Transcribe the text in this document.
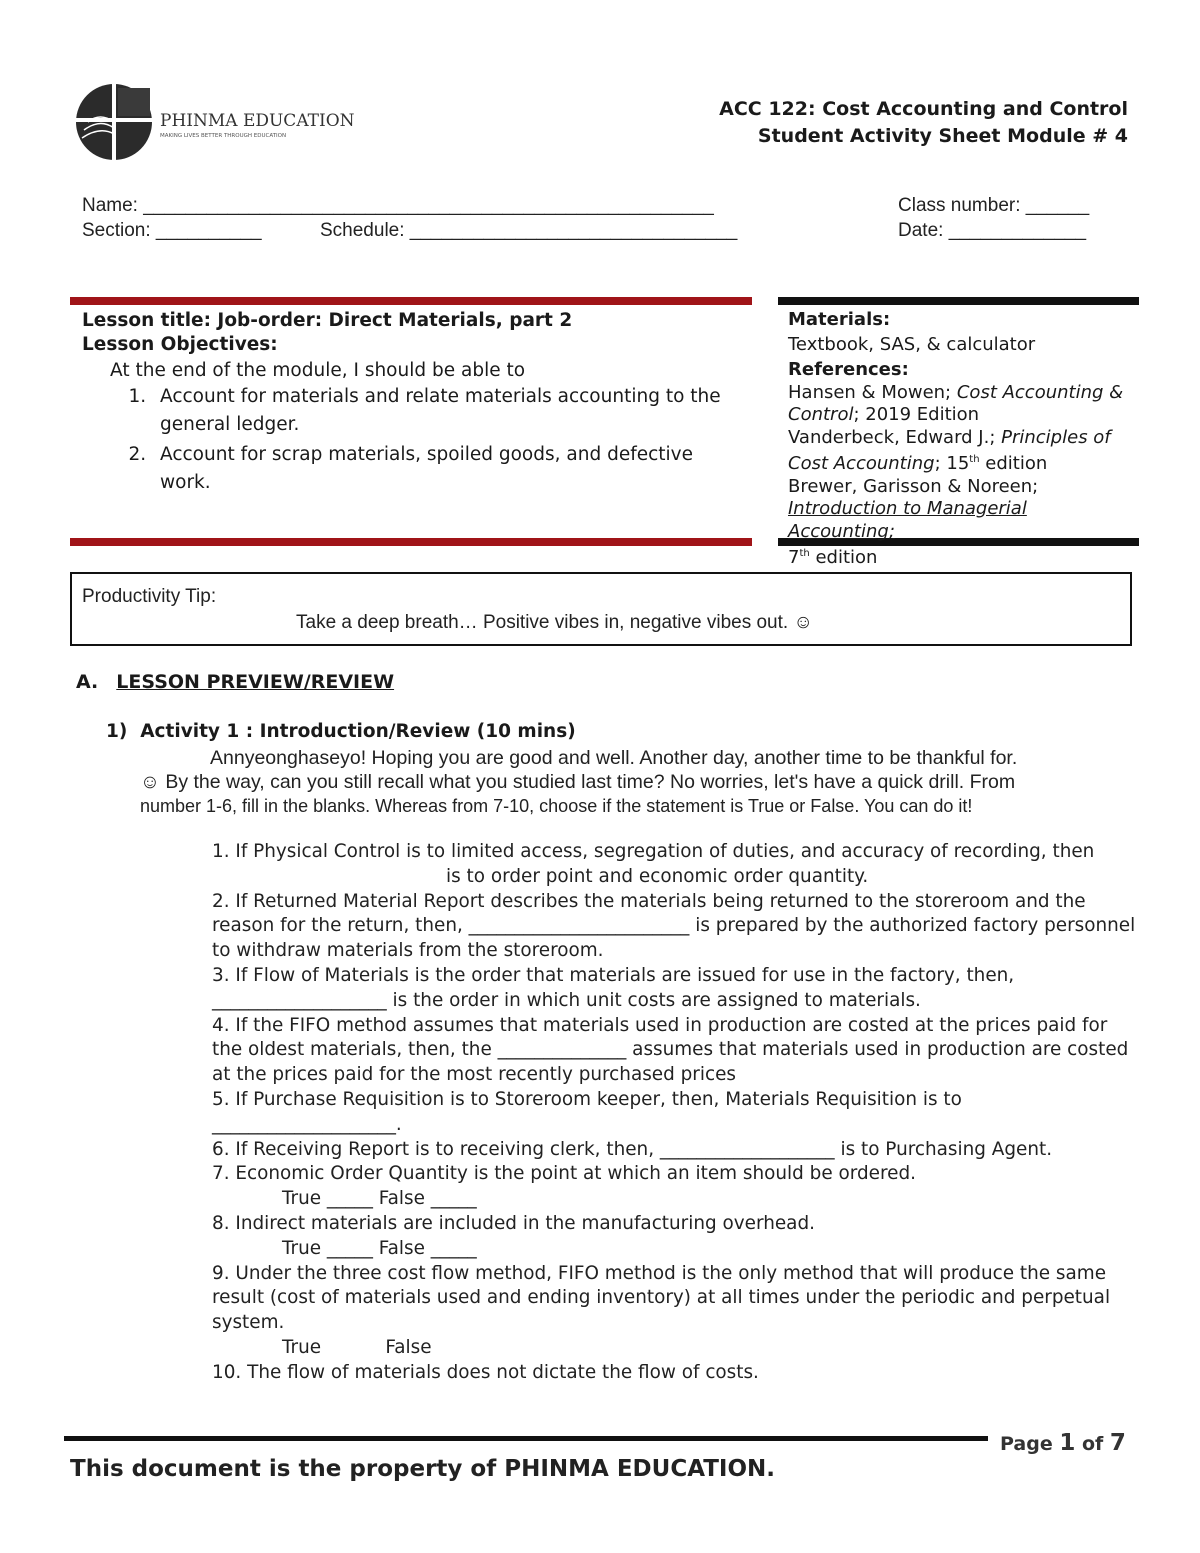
PHINMA EDUCATION
MAKING LIVES BETTER THROUGH EDUCATION
ACC 122: Cost Accounting and Control
Student Activity Sheet Module # 4
Name: ______________________________________________________	Class number: ______
Section: __________	Schedule: _______________________________	Date: _____________
Lesson title: Job-order: Direct Materials, part 2
Lesson Objectives:
At the end of the module, I should be able to
1. Account for materials and relate materials accounting to the general ledger.
2. Account for scrap materials, spoiled goods, and defective work.
Materials:
Textbook, SAS, & calculator
References:
Hansen & Mowen; Cost Accounting & Control; 2019 Edition
Vanderbeck, Edward J.; Principles of Cost Accounting; 15th edition
Brewer, Garisson & Noreen;
Introduction to Managerial Accounting;
7th edition
Productivity Tip:
Take a deep breath… Positive vibes in, negative vibes out. ☺
A. LESSON PREVIEW/REVIEW
1) Activity 1 : Introduction/Review (10 mins)
Annyeonghaseyo! Hoping you are good and well. Another day, another time to be thankful for.
☺ By the way, can you still recall what you studied last time? No worries, let's have a quick drill. From
number 1-6, fill in the blanks. Whereas from 7-10, choose if the statement is True or False. You can do it!

1. If Physical Control is to limited access, segregation of duties, and accuracy of recording, then

is to order point and economic order quantity.

2. If Returned Material Report describes the materials being returned to the storeroom and the reason for the return, then, ________________________ is prepared by the authorized factory personnel to withdraw materials from the storeroom.

3. If Flow of Materials is the order that materials are issued for use in the factory, then, ___________________ is the order in which unit costs are assigned to materials.

4. If the FIFO method assumes that materials used in production are costed at the prices paid for the oldest materials, then, the ______________ assumes that materials used in production are costed at the prices paid for the most recently purchased prices

5. If Purchase Requisition is to Storeroom keeper, then, Materials Requisition is to

____________________.

6. If Receiving Report is to receiving clerk, then, ___________________ is to Purchasing Agent.

7. Economic Order Quantity is the point at which an item should be ordered.

True _____ False _____

8. Indirect materials are included in the manufacturing overhead.

True _____ False _____

9. Under the three cost flow method, FIFO method is the only method that will produce the same result (cost of materials used and ending inventory) at all times under the periodic and perpetual system.

True           False

10. The flow of materials does not dictate the flow of costs.

Page 1 of 7
This document is the property of PHINMA EDUCATION.
